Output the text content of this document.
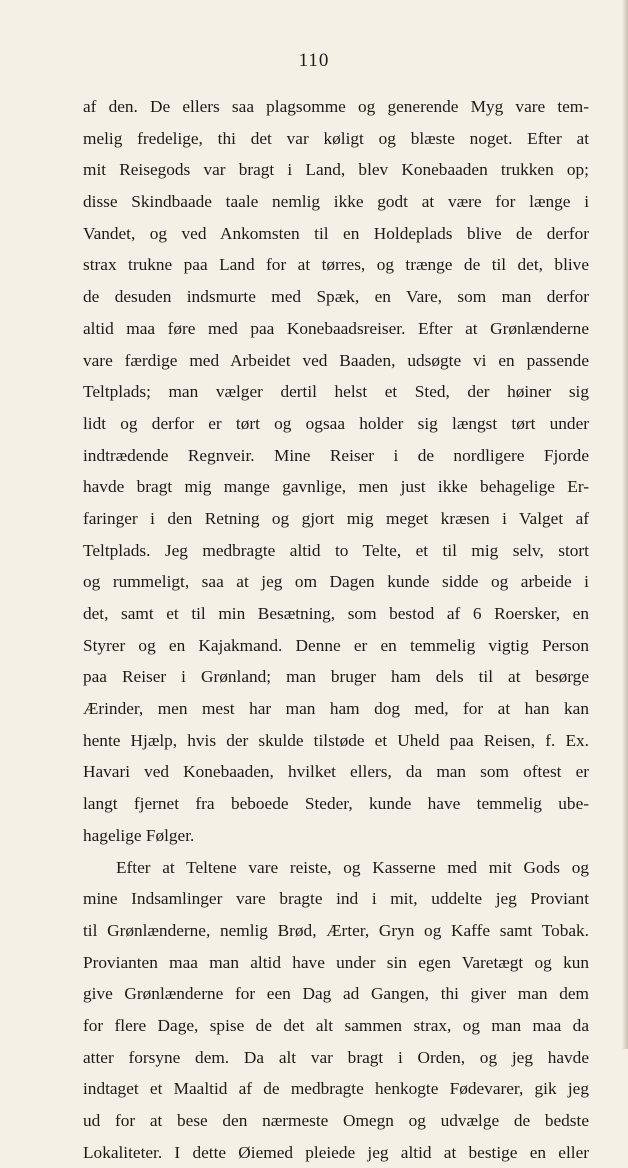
110
af den. De ellers saa plagsomme og generende Myg vare tem-
melig fredelige, thi det var køligt og blæste noget. Efter at
mit Reisegods var bragt i Land, blev Konebaaden trukken op;
disse Skindbaade taale nemlig ikke godt at være for længe i
Vandet, og ved Ankomsten til en Holdeplads blive de derfor
strax trukne paa Land for at tørres, og trænge de til det, blive
de desuden indsmurte med Spæk, en Vare, som man derfor
altid maa føre med paa Konebaadsreiser. Efter at Grønlænderne
vare færdige med Arbeidet ved Baaden, udsøgte vi en passende
Teltplads; man vælger dertil helst et Sted, der høiner sig
lidt og derfor er tørt og ogsaa holder sig længst tørt under
indtrædende Regnveir. Mine Reiser i de nordligere Fjorde
havde bragt mig mange gavnlige, men just ikke behagelige Er-
faringer i den Retning og gjort mig meget kræsen i Valget af
Teltplads. Jeg medbragte altid to Telte, et til mig selv, stort
og rummeligt, saa at jeg om Dagen kunde sidde og arbeide i
det, samt et til min Besætning, som bestod af 6 Roersker, en
Styrer og en Kajakmand. Denne er en temmelig vigtig Person
paa Reiser i Grønland; man bruger ham dels til at besørge
Ærinder, men mest har man ham dog med, for at han kan
hente Hjælp, hvis der skulde tilstøde et Uheld paa Reisen, f. Ex.
Havari ved Konebaaden, hvilket ellers, da man som oftest er
langt fjernet fra beboede Steder, kunde have temmelig ube-
hagelige Følger.
Efter at Teltene vare reiste, og Kasserne med mit Gods og
mine Indsamlinger vare bragte ind i mit, uddelte jeg Proviant
til Grønlænderne, nemlig Brød, Ærter, Gryn og Kaffe samt Tobak.
Provianten maa man altid have under sin egen Varetægt og kun
give Grønlænderne for een Dag ad Gangen, thi giver man dem
for flere Dage, spise de det alt sammen strax, og man maa da
atter forsyne dem. Da alt var bragt i Orden, og jeg havde
indtaget et Maaltid af de medbragte henkogte Fødevarer, gik jeg
ud for at bese den nærmeste Omegn og udvælge de bedste
Lokaliteter. I dette Øiemed pleiede jeg altid at bestige en eller
